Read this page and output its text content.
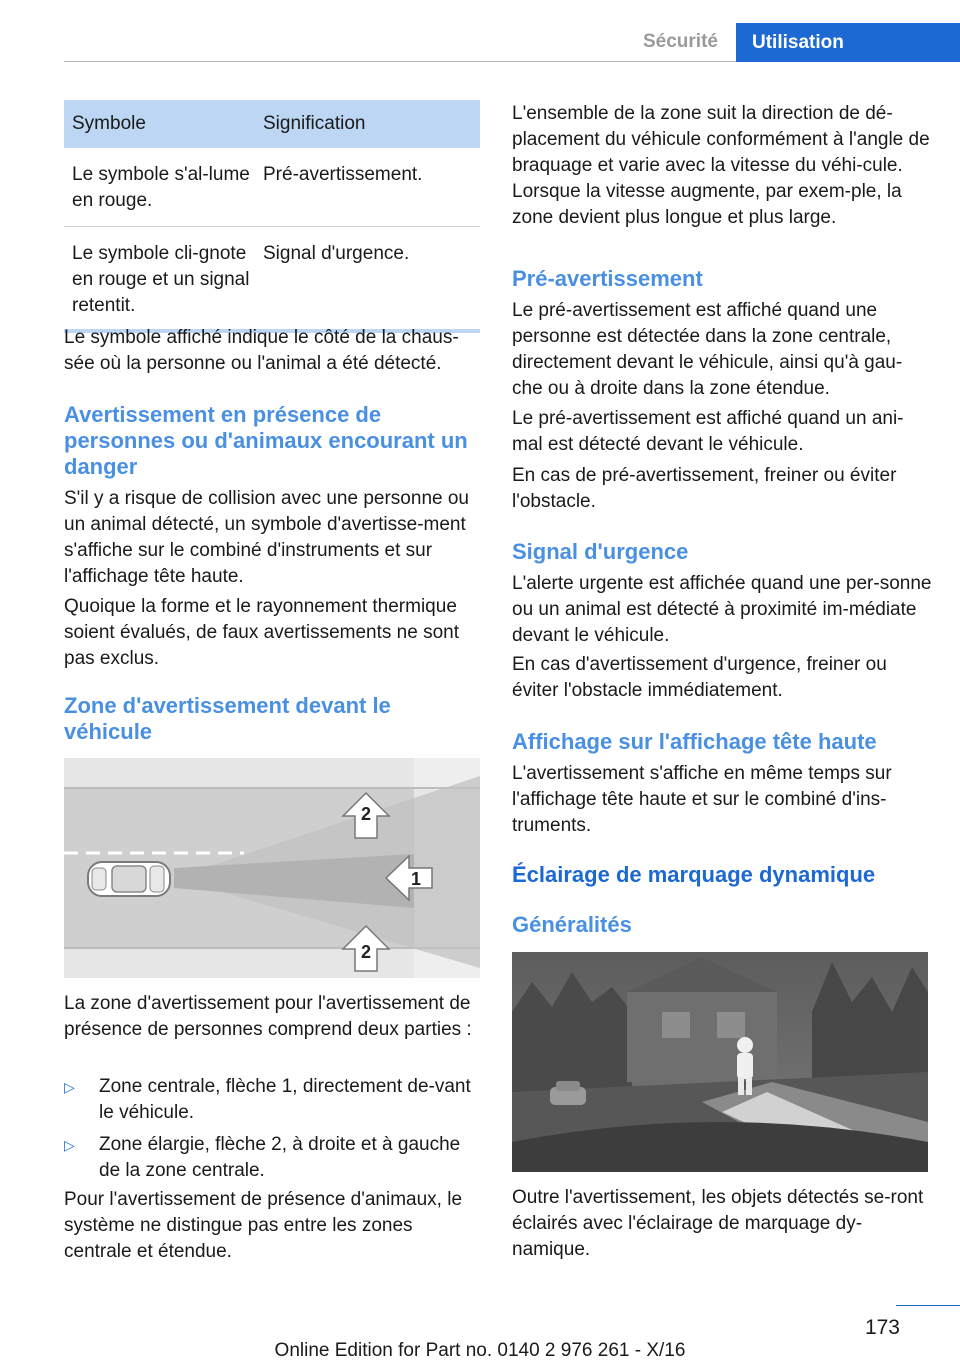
Sécurité	Utilisation
Symbole	Signification
Le symbole s'al-lume en rouge.
Pré-avertissement.
Le symbole cli-gnote en rouge et un signal retentit.
Signal d'urgence.

Le symbole affiché indique le côté de la chaus-sée où la personne ou l'animal a été détecté.

Avertissement en présence de personnes ou d'animaux encourant un danger

S'il y a risque de collision avec une personne ou un animal détecté, un symbole d'avertisse-ment s'affiche sur le combiné d'instruments et sur l'affichage tête haute.

Quoique la forme et le rayonnement thermique soient évalués, de faux avertissements ne sont pas exclus.

Zone d'avertissement devant le véhicule
2
1
2

La zone d'avertissement pour l'avertissement de présence de personnes comprend deux parties :

▷ Zone centrale, flèche 1, directement de-vant le véhicule.
▷ Zone élargie, flèche 2, à droite et à gauche de la zone centrale.

Pour l'avertissement de présence d'animaux, le système ne distingue pas entre les zones centrale et étendue.

L'ensemble de la zone suit la direction de dé-placement du véhicule conformément à l'angle de braquage et varie avec la vitesse du véhi-cule. Lorsque la vitesse augmente, par exem-ple, la zone devient plus longue et plus large.

Pré-avertissement

Le pré-avertissement est affiché quand une personne est détectée dans la zone centrale, directement devant le véhicule, ainsi qu'à gau-che ou à droite dans la zone étendue.

Le pré-avertissement est affiché quand un ani-mal est détecté devant le véhicule.

En cas de pré-avertissement, freiner ou éviter l'obstacle.

Signal d'urgence

L'alerte urgente est affichée quand une per-sonne ou un animal est détecté à proximité im-médiate devant le véhicule.

En cas d'avertissement d'urgence, freiner ou éviter l'obstacle immédiatement.

Affichage sur l'affichage tête haute

L'avertissement s'affiche en même temps sur l'affichage tête haute et sur le combiné d'ins-truments.

Éclairage de marquage dynamique
Généralités

Outre l'avertissement, les objets détectés se-ront éclairés avec l'éclairage de marquage dy-namique.

173
Online Edition for Part no. 0140 2 976 261 - X/16
